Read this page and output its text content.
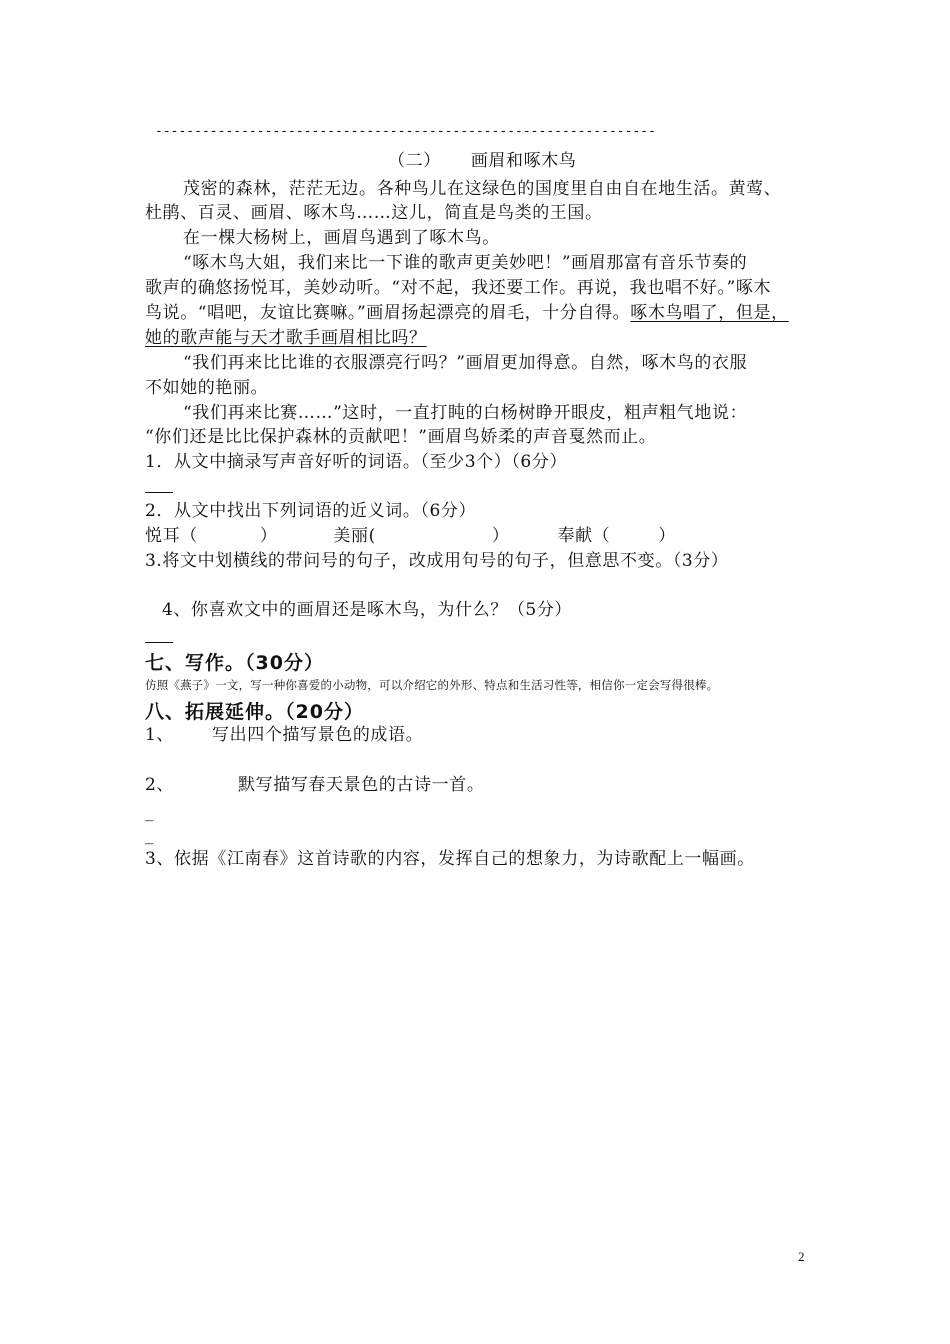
----------------------------------------------------------------
（二） 画眉和啄木鸟
茂密的森林，茫茫无边。各种鸟儿在这绿色的国度里自由自在地生活。黄莺、
杜鹃、百灵、画眉、啄木鸟……这儿，简直是鸟类的王国。
在一棵大杨树上，画眉鸟遇到了啄木鸟。
“啄木鸟大姐，我们来比一下谁的歌声更美妙吧！”画眉那富有音乐节奏的
歌声的确悠扬悦耳，美妙动听。“对不起，我还要工作。再说，我也唱不好。”啄木
鸟说。“唱吧，友谊比赛嘛。”画眉扬起漂亮的眉毛，十分自得。啄木鸟唱了，但是，
她的歌声能与天才歌手画眉相比吗？
“我们再来比比谁的衣服漂亮行吗？”画眉更加得意。自然，啄木鸟的衣服
不如她的艳丽。
“我们再来比赛……”这时，一直打盹的白杨树睁开眼皮，粗声粗气地说：
“你们还是比比保护森林的贡献吧！”画眉鸟娇柔的声音戛然而止。
1．从文中摘录写声音好听的词语。（至少3个）（6分）
2．从文中找出下列词语的近义词。（6分）
悦耳（	）	美丽(	）	奉献（	）
3.将文中划横线的带问号的句子，改成用句号的句子，但意思不变。（3分）
4、你喜欢文中的画眉还是啄木鸟，为什么？（5分）
七、写作。（30分）
仿照《燕子》一文，写一种你喜爱的小动物，可以介绍它的外形、特点和生活习性等，相信你一定会写得很棒。
八、拓展延伸。（20分）
1、 写出四个描写景色的成语。
2、	默写描写春天景色的古诗一首。
_
_
3、依据《江南春》这首诗歌的内容，发挥自己的想象力，为诗歌配上一幅画。
2
